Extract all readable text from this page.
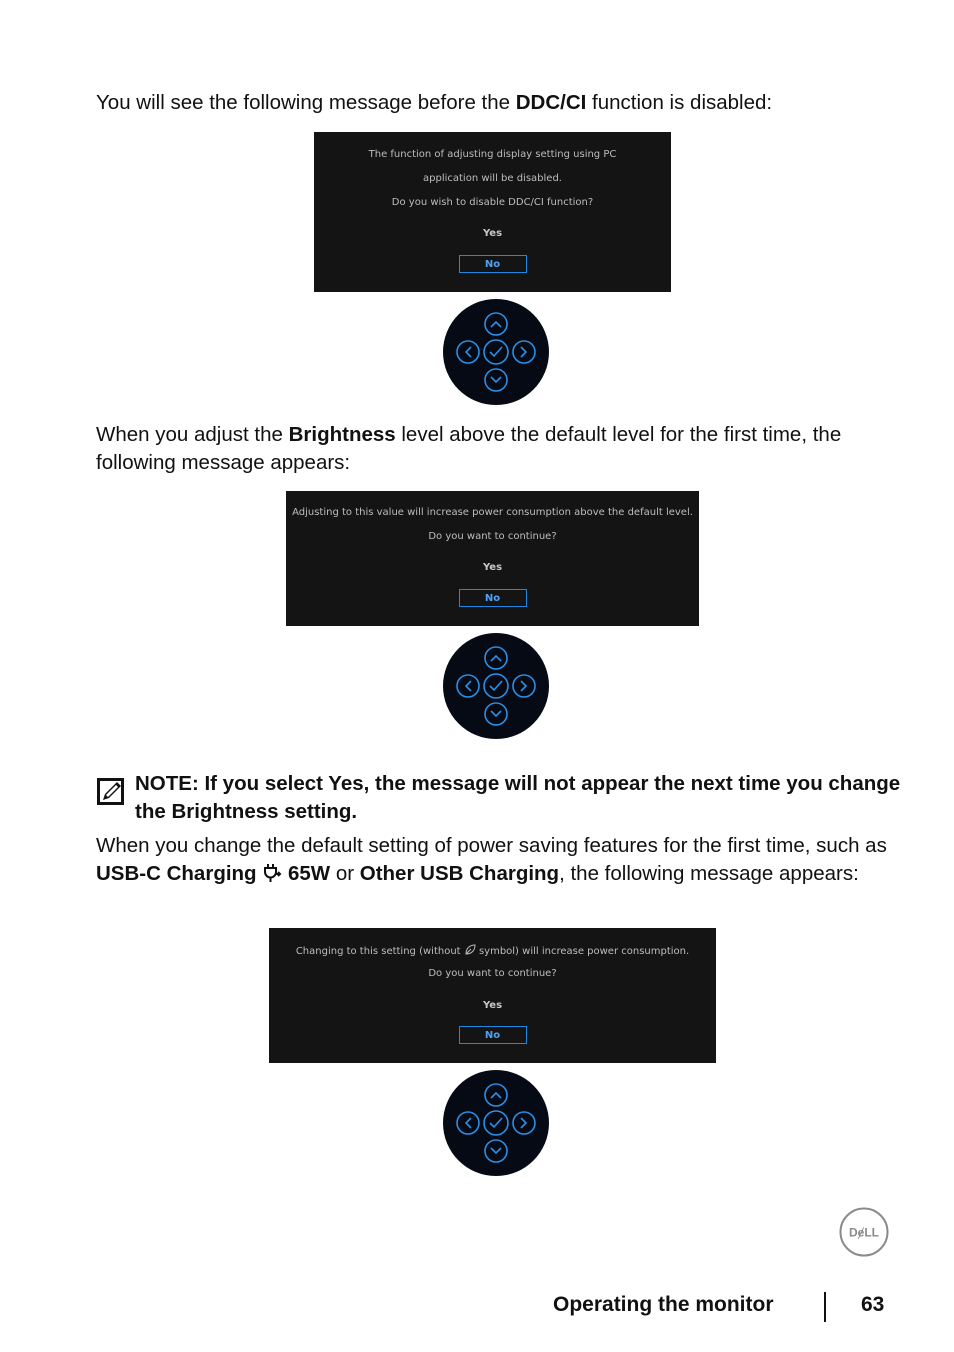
You will see the following message before the DDC/CI function is disabled:

The function of adjusting display setting using PC
application will be disabled.
Do you wish to disable DDC/CI function?
Yes
No

When you adjust the Brightness level above the default level for the first time, the following message appears:

Adjusting to this value will increase power consumption above the default level.
Do you want to continue?
Yes
No

NOTE: If you select Yes, the message will not appear the next time you change the Brightness setting.

When you change the default setting of power saving features for the first time, such as USB-C Charging  65W or Other USB Charging, the following message appears:

Changing to this setting (without  symbol) will increase power consumption.
Do you want to continue?
Yes
No
DɇLL
Operating the monitor	63
